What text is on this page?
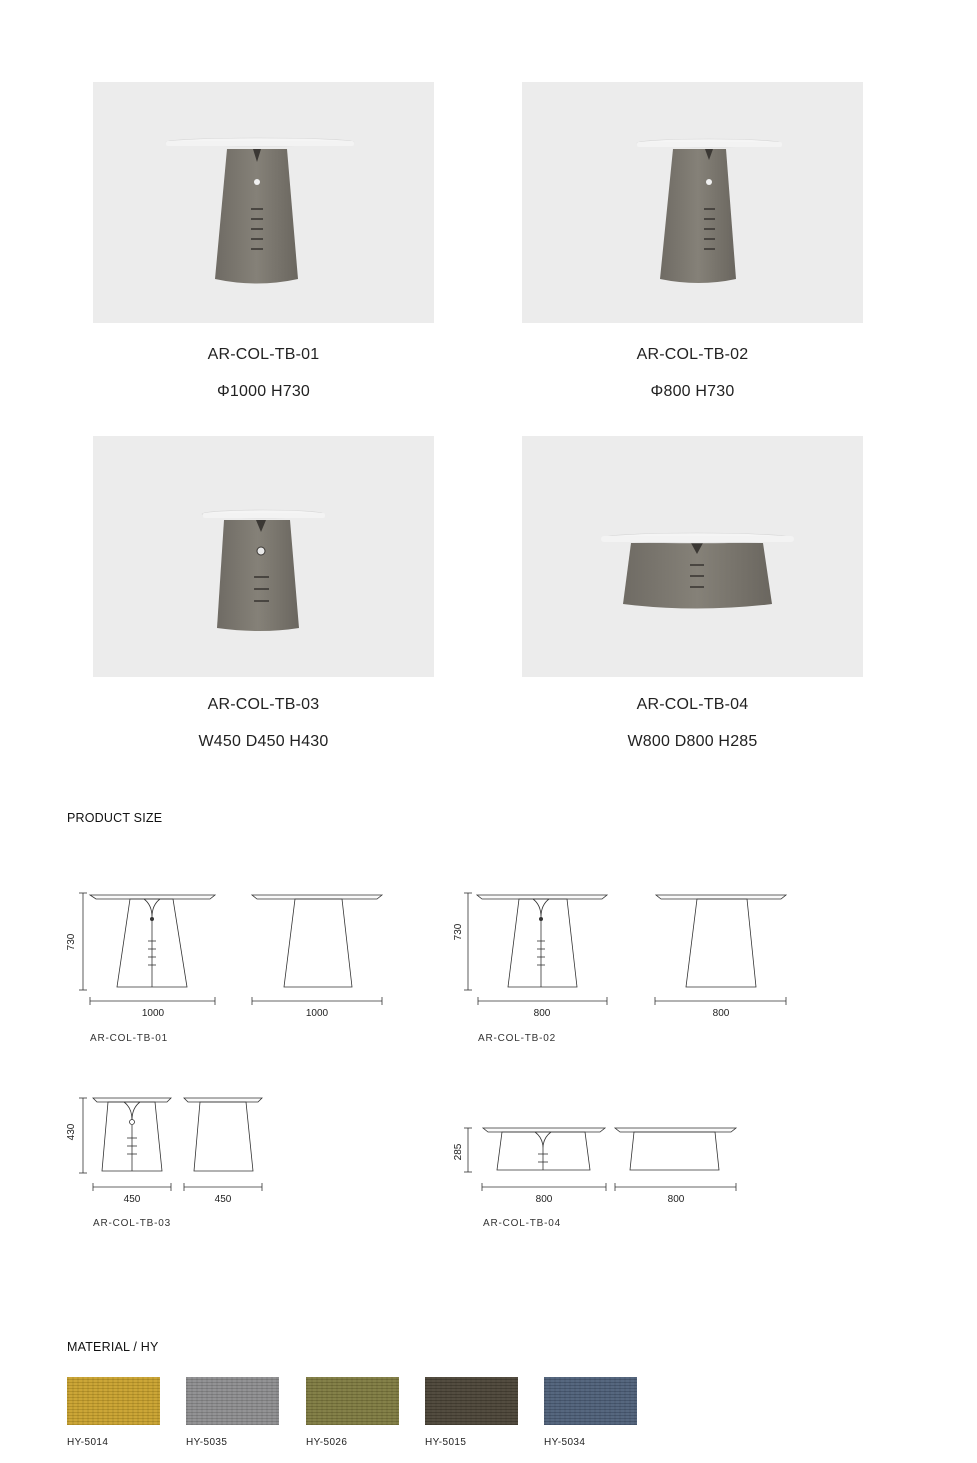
AR-COL-TB-01
Φ1000 H730
AR-COL-TB-02
Φ800 H730
AR-COL-TB-03
W450 D450 H430
AR-COL-TB-04
W800 D800 H285
PRODUCT SIZE
730
1000	1000
AR-COL-TB-01
730
800	800
AR-COL-TB-02
430
450	450
AR-COL-TB-03
285
800	800
AR-COL-TB-04
MATERIAL / HY
HY-5014	HY-5035	HY-5026	HY-5015	HY-5034
